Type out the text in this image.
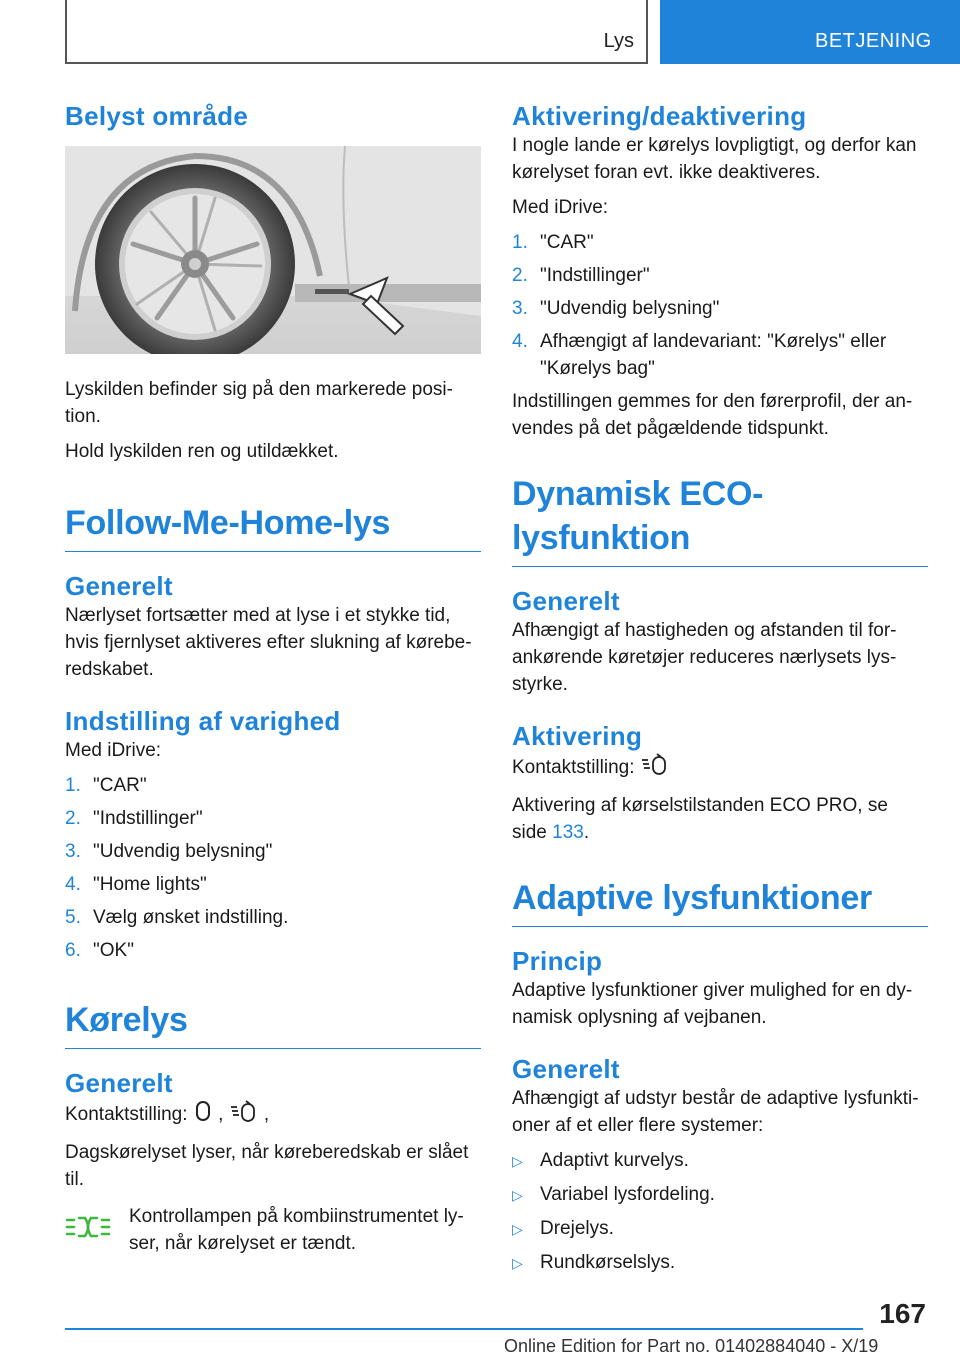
Lys	BETJENING
Belyst område

Lyskilden befinder sig på den markerede posi-tion.

Hold lyskilden ren og utildækket.

Follow-Me-Home-lys
Generelt

Nærlyset fortsætter med at lyse i et stykke tid, hvis fjernlyset aktiveres efter slukning af kørebe-redskabet.

Indstilling af varighed

Med iDrive:

1. "CAR"
2. "Indstillinger"
3. "Udvendig belysning"
4. "Home lights"
5. Vælg ønsket indstilling.
6. "OK"
Kørelys
Generelt

Kontaktstilling: , ,

Dagskørelyset lyser, når køreberedskab er slået til.

Kontrollampen på kombiinstrumentet ly-ser, når kørelyset er tændt.
Aktivering/deaktivering

I nogle lande er kørelys lovpligtigt, og derfor kan kørelyset foran evt. ikke deaktiveres.

Med iDrive:

1. "CAR"
2. "Indstillinger"
3. "Udvendig belysning"
4. Afhængigt af landevariant: "Kørelys" eller "Kørelys bag"

Indstillingen gemmes for den førerprofil, der an-vendes på det pågældende tidspunkt.

Dynamisk ECO-lysfunktion
Generelt

Afhængigt af hastigheden og afstanden til for-ankørende køretøjer reduceres nærlysets lys-styrke.

Aktivering

Kontaktstilling:

Aktivering af kørselstilstanden ECO PRO, se side 133.

Adaptive lysfunktioner
Princip

Adaptive lysfunktioner giver mulighed for en dy-namisk oplysning af vejbanen.

Generelt

Afhængigt af udstyr består de adaptive lysfunkti-oner af et eller flere systemer:

▷ Adaptivt kurvelys.
▷ Variabel lysfordeling.
▷ Drejelys.
▷ Rundkørselslys.
167
Online Edition for Part no. 01402884040 - X/19
